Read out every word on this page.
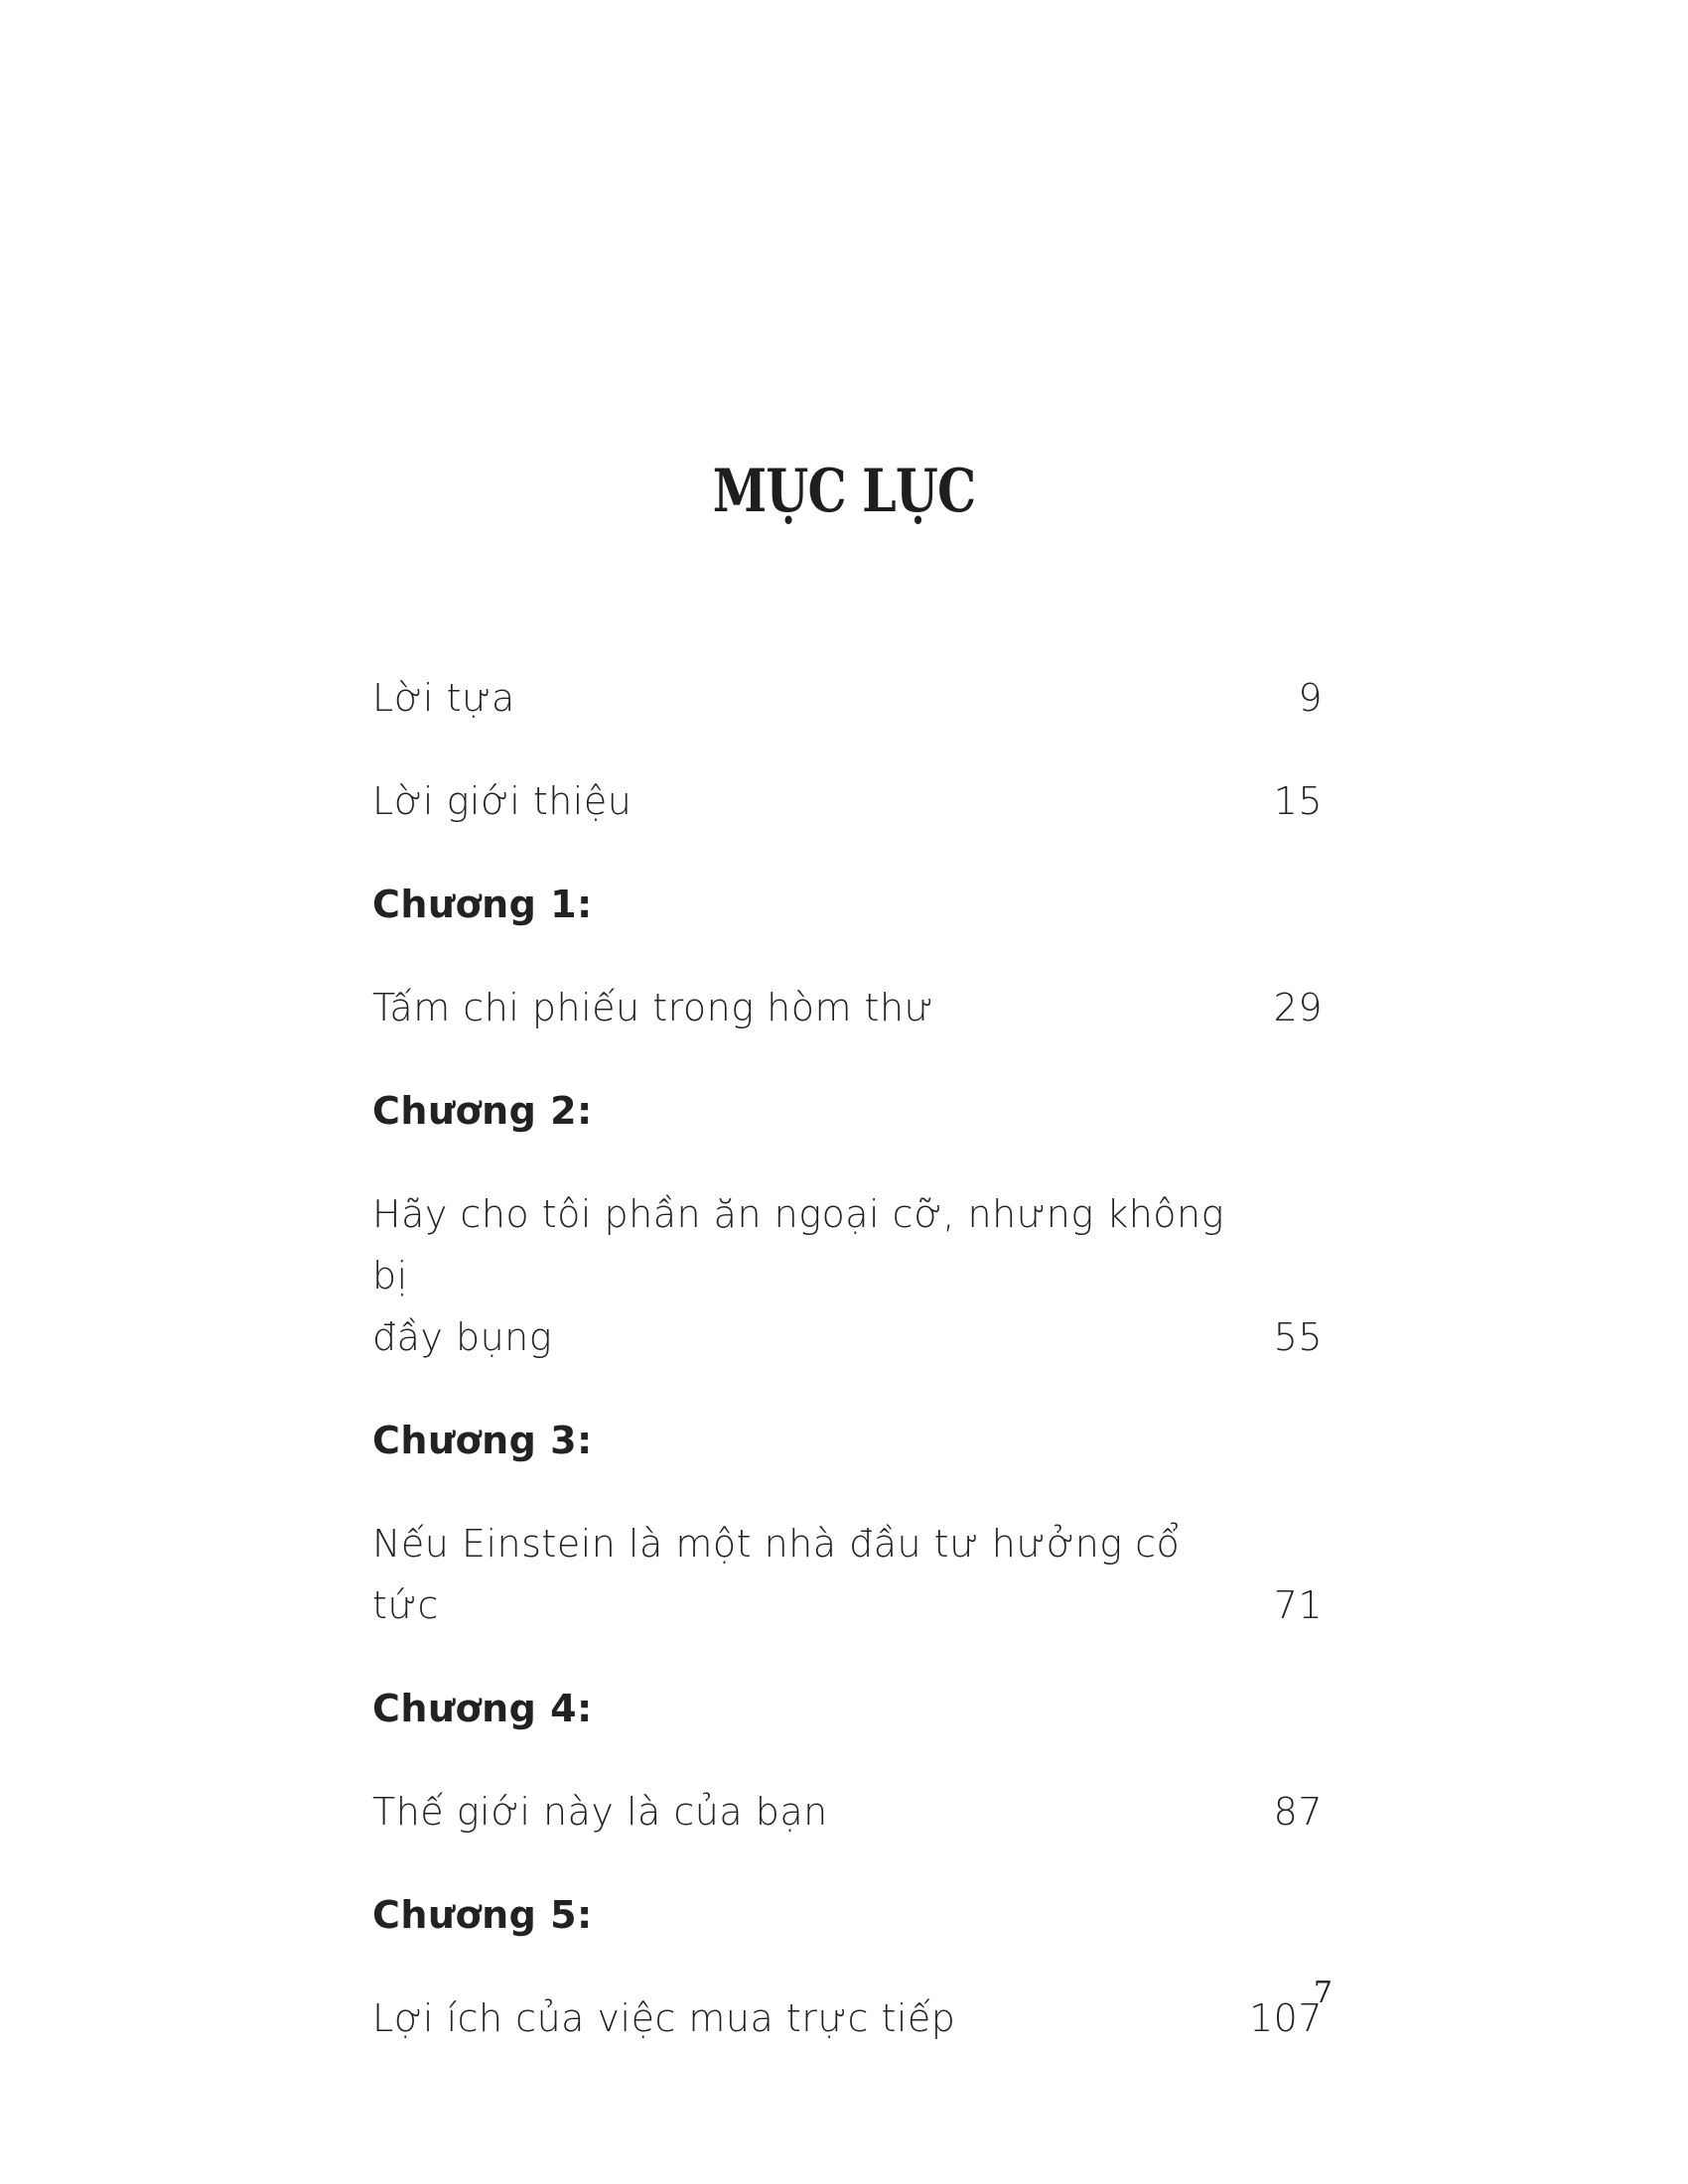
MỤC LỤC
Lời tựa	9
Lời giới thiệu	15
Chương 1:
Tấm chi phiếu trong hòm thư	29
Chương 2:
Hãy cho tôi phần ăn ngoại cỡ, nhưng không bị
đầy bụng	55
Chương 3:
Nếu Einstein là một nhà đầu tư hưởng cổ tức	71
Chương 4:
Thế giới này là của bạn	87
Chương 5:
Lợi ích của việc mua trực tiếp	107
7
